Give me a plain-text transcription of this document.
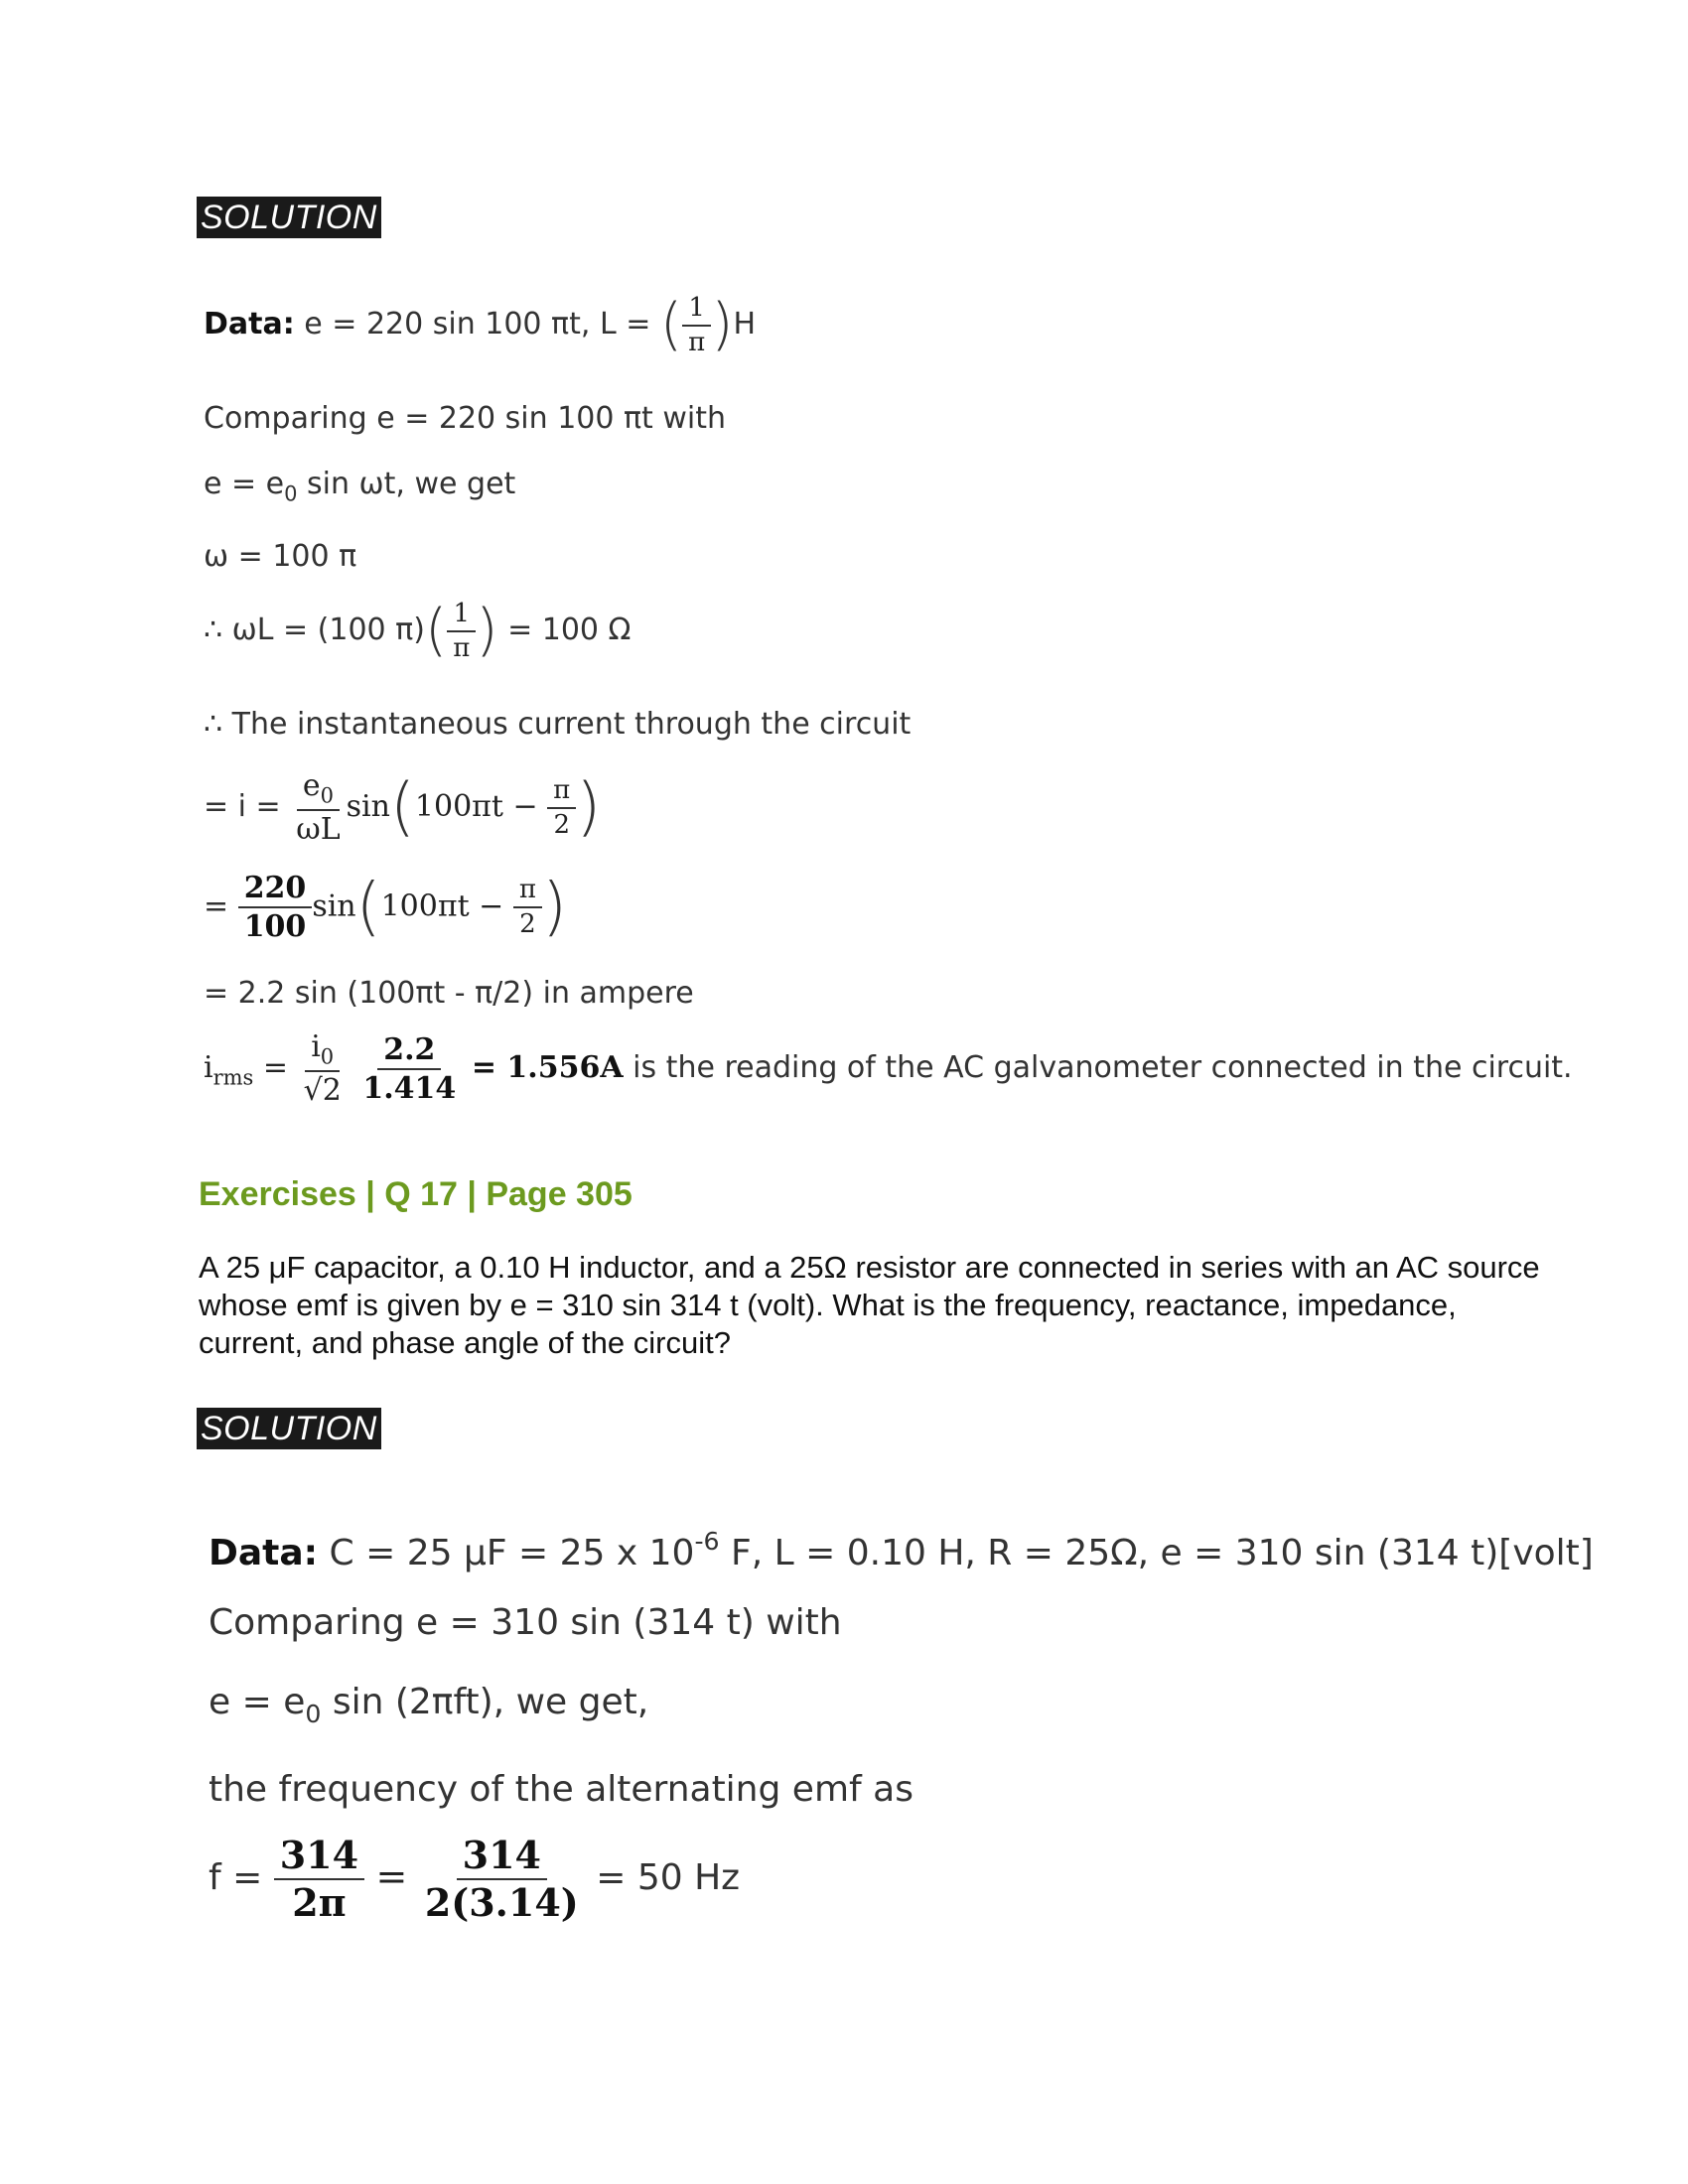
SOLUTION
Data: e = 220 sin 100 πt, L = ( $\frac{1}{\pi} )H$
Comparing e = 220 sin 100 πt with
$e = e_0$ sin ωt, we get
ω = 100 π
∴ ωL = (100 $\pi)( \frac{1}{\pi}$ ) = 100 Ω
∴ The instantaneous current through the circuit
= $i = \frac{e_0}{\omega L} \sin(100\pi t - \frac{\pi}{2}$ )
= $\frac{220}{100} \sin(100\pi t - \frac{\pi}{2}$ )
= 2.2 sin (100πt - π/2) in ampere
$i_{rms} = \frac{i_0}{√2}$
$\frac{2.2}{1.414} = 1.556A$ is the reading of the AC galvanometer connected in the circuit.
Exercises | Q 17 | Page 305
A 25 μF capacitor, a 0.10 H inductor, and a 25Ω resistor are connected in series with an AC source whose emf is given by e = 310 sin 314 t (volt). What is the frequency, reactance, impedance, current, and phase angle of the circuit?
SOLUTION
Data: C = 25 μF = 25 x $10^{-6}$ F, L = 0.10 H, R = 25Ω, e = 310 sin (314 t)[volt]
Comparing e = 310 sin (314 t) with
$e = e_0$ sin (2πft), we get,
the frequency of the alternating emf as
$f = \frac{314}{2\pi} = \frac{314}{2(3.14)} = 50$ Hz
